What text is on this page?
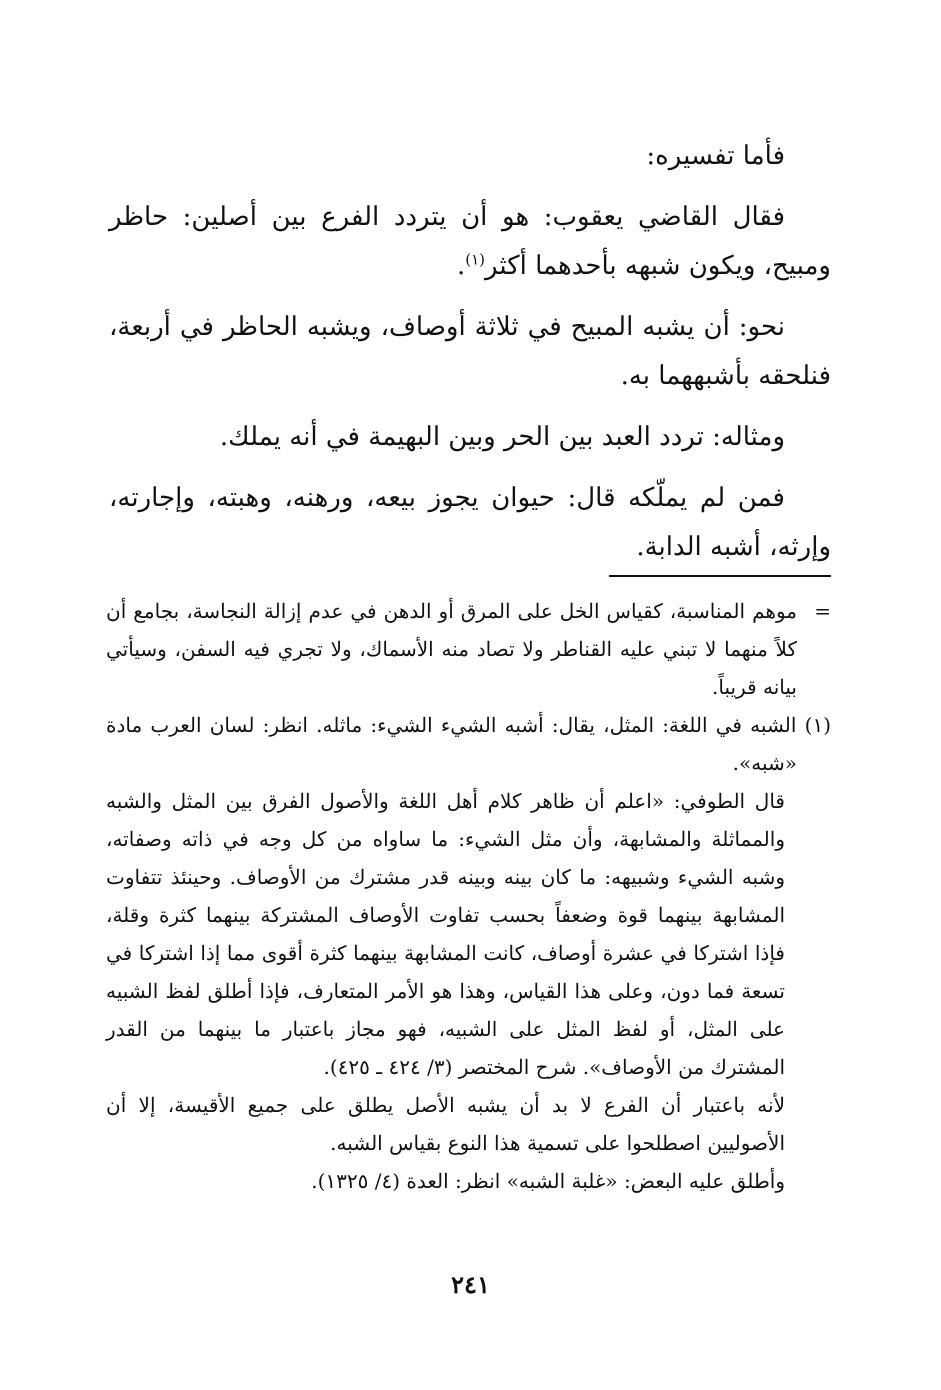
فأما تفسيره:

فقال القاضي يعقوب: هو أن يتردد الفرع بين أصلين: حاظر ومبيح، ويكون شبهه بأحدهما أكثر$^{(١)}$.

نحو: أن يشبه المبيح في ثلاثة أوصاف، ويشبه الحاظر في أربعة، فنلحقه بأشبههما به.

ومثاله: تردد العبد بين الحر وبين البهيمة في أنه يملك.

فمن لم يملّكه قال: حيوان يجوز بيعه، ورهنه، وهبته، وإجارته، وإرثه، أشبه الدابة.

=
موهم المناسبة، كقياس الخل على المرق أو الدهن في عدم إزالة النجاسة، بجامع أن كلاً منهما لا تبني عليه القناطر ولا تصاد منه الأسماك، ولا تجري فيه السفن، وسيأتي بيانه قريباً.

(١) الشبه في اللغة: المثل، يقال: أشبه الشيء الشيء: ماثله. انظر: لسان العرب مادة «شبه».

قال الطوفي: «اعلم أن ظاهر كلام أهل اللغة والأصول الفرق بين المثل والشبه والمماثلة والمشابهة، وأن مثل الشيء: ما ساواه من كل وجه في ذاته وصفاته، وشبه الشيء وشبيهه: ما كان بينه وبينه قدر مشترك من الأوصاف. وحينئذ تتفاوت المشابهة بينهما قوة وضعفاً بحسب تفاوت الأوصاف المشتركة بينهما كثرة وقلة، فإذا اشتركا في عشرة أوصاف، كانت المشابهة بينهما كثرة أقوى مما إذا اشتركا في تسعة فما دون، وعلى هذا القياس، وهذا هو الأمر المتعارف، فإذا أطلق لفظ الشبيه على المثل، أو لفظ المثل على الشبيه، فهو مجاز باعتبار ما بينهما من القدر المشترك من الأوصاف». شرح المختصر (٣/ ٤٢٤ ـ ٤٢٥).

لأنه باعتبار أن الفرع لا بد أن يشبه الأصل يطلق على جميع الأقيسة، إلا أن الأصوليين اصطلحوا على تسمية هذا النوع بقياس الشبه.

وأطلق عليه البعض: «غلبة الشبه» انظر: العدة (٤/ ١٣٢٥).

٢٤١
